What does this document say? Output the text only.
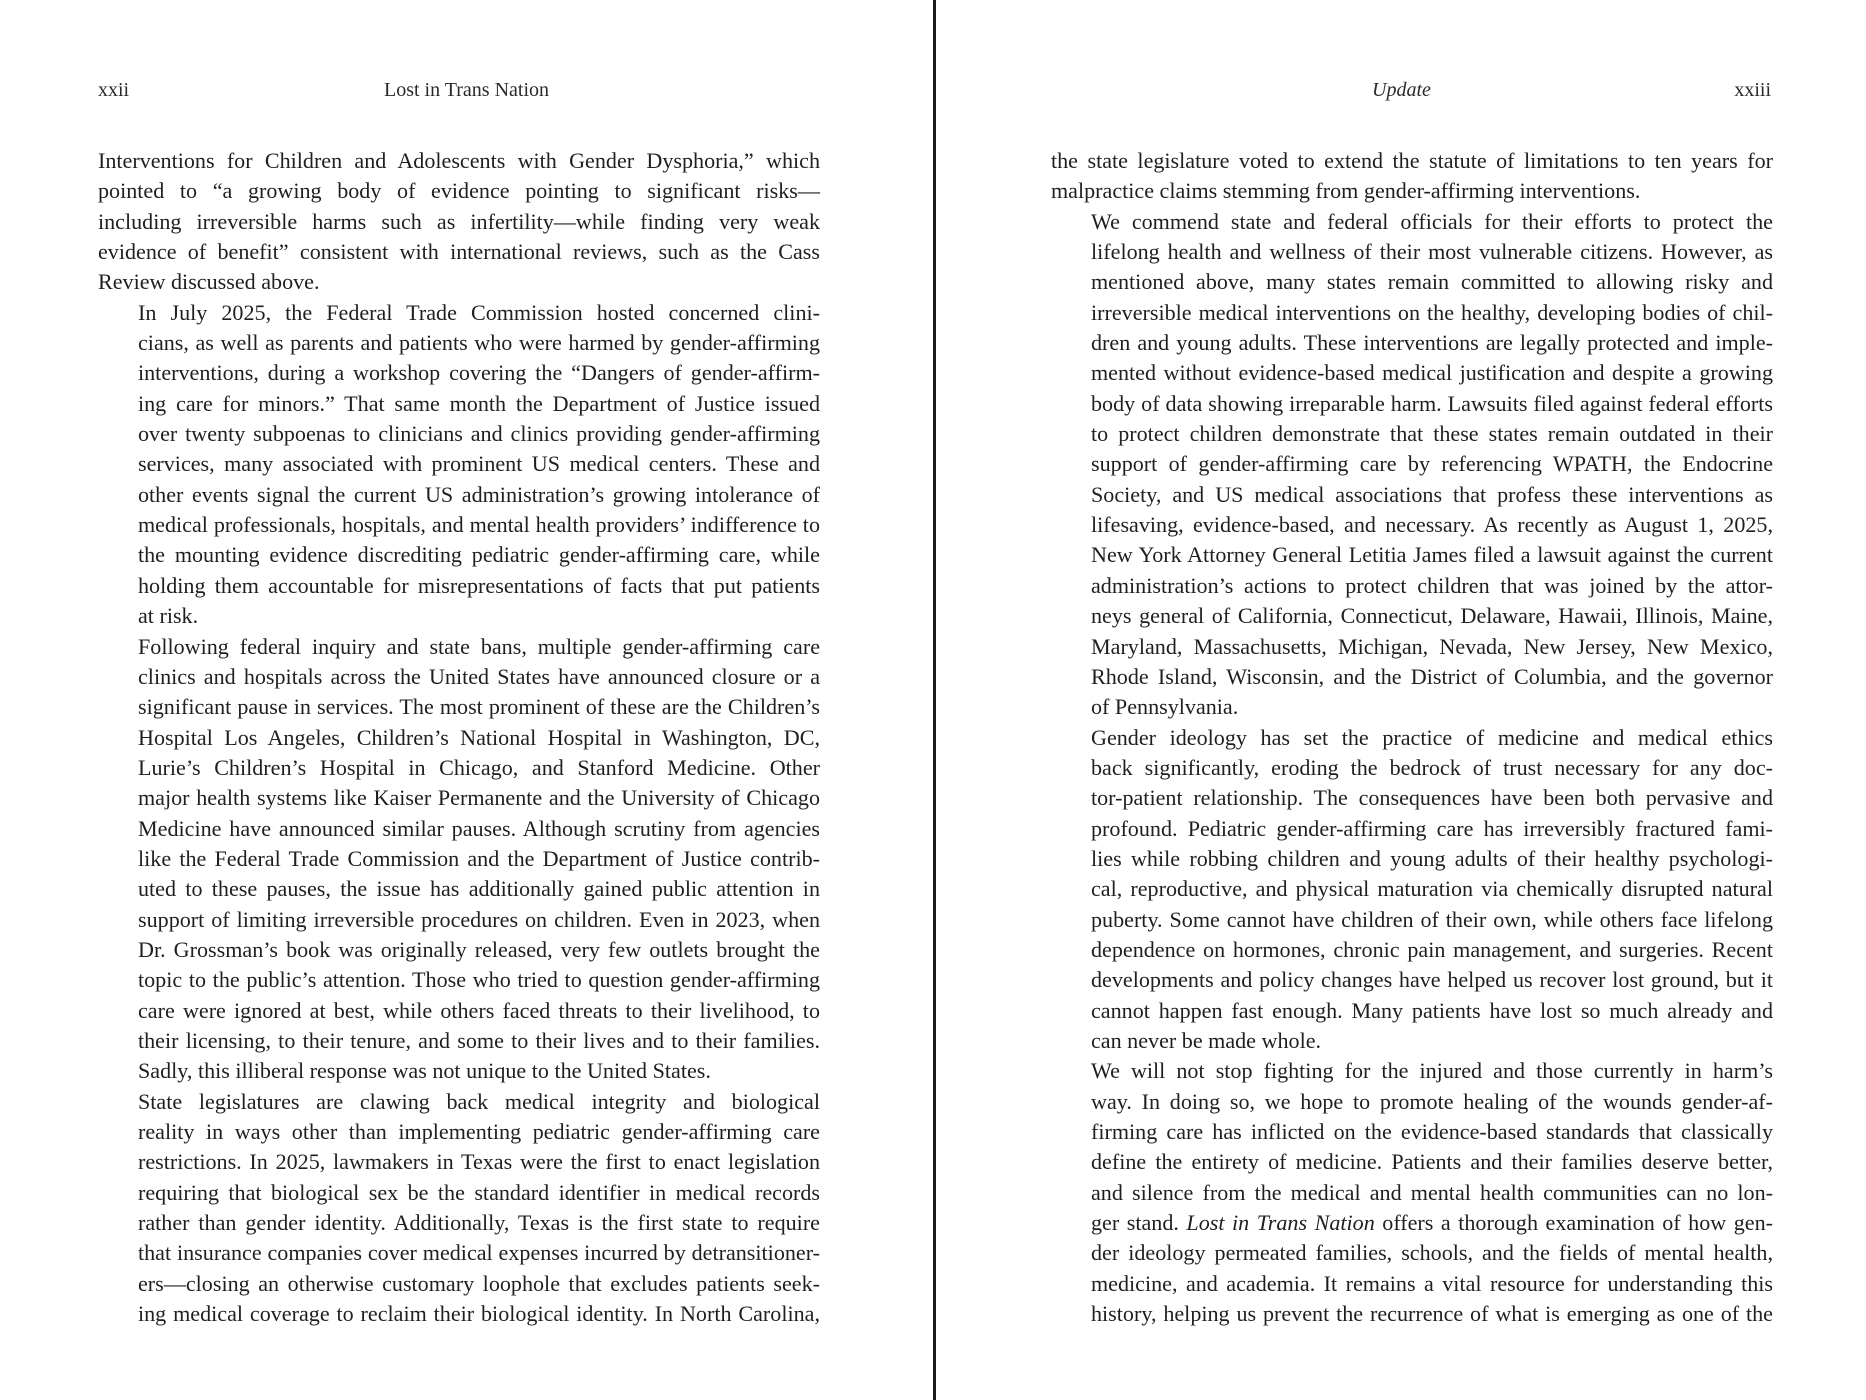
xxii	Lost in Trans Nation

Interventions for Children and Adolescents with Gender Dysphoria,” which
pointed to “a growing body of evidence pointing to significant risks—
including irreversible harms such as infertility—while finding very weak
evidence of benefit” consistent with international reviews, such as the Cass
Review discussed above.

In July 2025, the Federal Trade Commission hosted concerned clini-
cians, as well as parents and patients who were harmed by gender-affirming
interventions, during a workshop covering the “Dangers of gender-affirm-
ing care for minors.” That same month the Department of Justice issued
over twenty subpoenas to clinicians and clinics providing gender-affirming
services, many associated with prominent US medical centers. These and
other events signal the current US administration’s growing intolerance of
medical professionals, hospitals, and mental health providers’ indifference to
the mounting evidence discrediting pediatric gender-affirming care, while
holding them accountable for misrepresentations of facts that put patients
at risk.

Following federal inquiry and state bans, multiple gender-affirming care
clinics and hospitals across the United States have announced closure or a
significant pause in services. The most prominent of these are the Children’s
Hospital Los Angeles, Children’s National Hospital in Washington, DC,
Lurie’s Children’s Hospital in Chicago, and Stanford Medicine. Other
major health systems like Kaiser Permanente and the University of Chicago
Medicine have announced similar pauses. Although scrutiny from agencies
like the Federal Trade Commission and the Department of Justice contrib-
uted to these pauses, the issue has additionally gained public attention in
support of limiting irreversible procedures on children. Even in 2023, when
Dr. Grossman’s book was originally released, very few outlets brought the
topic to the public’s attention. Those who tried to question gender-affirming
care were ignored at best, while others faced threats to their livelihood, to
their licensing, to their tenure, and some to their lives and to their families.
Sadly, this illiberal response was not unique to the United States.

State legislatures are clawing back medical integrity and biological
reality in ways other than implementing pediatric gender-affirming care
restrictions. In 2025, lawmakers in Texas were the first to enact legislation
requiring that biological sex be the standard identifier in medical records
rather than gender identity. Additionally, Texas is the first state to require
that insurance companies cover medical expenses incurred by detransitioner-
ers—closing an otherwise customary loophole that excludes patients seek-
ing medical coverage to reclaim their biological identity. In North Carolina,

Update	xxiii

the state legislature voted to extend the statute of limitations to ten years for
malpractice claims stemming from gender-affirming interventions.

We commend state and federal officials for their efforts to protect the
lifelong health and wellness of their most vulnerable citizens. However, as
mentioned above, many states remain committed to allowing risky and
irreversible medical interventions on the healthy, developing bodies of chil-
dren and young adults. These interventions are legally protected and imple-
mented without evidence-based medical justification and despite a growing
body of data showing irreparable harm. Lawsuits filed against federal efforts
to protect children demonstrate that these states remain outdated in their
support of gender-affirming care by referencing WPATH, the Endocrine
Society, and US medical associations that profess these interventions as
lifesaving, evidence-based, and necessary. As recently as August 1, 2025,
New York Attorney General Letitia James filed a lawsuit against the current
administration’s actions to protect children that was joined by the attor-
neys general of California, Connecticut, Delaware, Hawaii, Illinois, Maine,
Maryland, Massachusetts, Michigan, Nevada, New Jersey, New Mexico,
Rhode Island, Wisconsin, and the District of Columbia, and the governor
of Pennsylvania.

Gender ideology has set the practice of medicine and medical ethics
back significantly, eroding the bedrock of trust necessary for any doc-
tor-patient relationship. The consequences have been both pervasive and
profound. Pediatric gender-affirming care has irreversibly fractured fami-
lies while robbing children and young adults of their healthy psychologi-
cal, reproductive, and physical maturation via chemically disrupted natural
puberty. Some cannot have children of their own, while others face lifelong
dependence on hormones, chronic pain management, and surgeries. Recent
developments and policy changes have helped us recover lost ground, but it
cannot happen fast enough. Many patients have lost so much already and
can never be made whole.

We will not stop fighting for the injured and those currently in harm’s
way. In doing so, we hope to promote healing of the wounds gender-af-
firming care has inflicted on the evidence-based standards that classically
define the entirety of medicine. Patients and their families deserve better,
and silence from the medical and mental health communities can no lon-
ger stand. Lost in Trans Nation offers a thorough examination of how gen-
der ideology permeated families, schools, and the fields of mental health,
medicine, and academia. It remains a vital resource for understanding this
history, helping us prevent the recurrence of what is emerging as one of the
